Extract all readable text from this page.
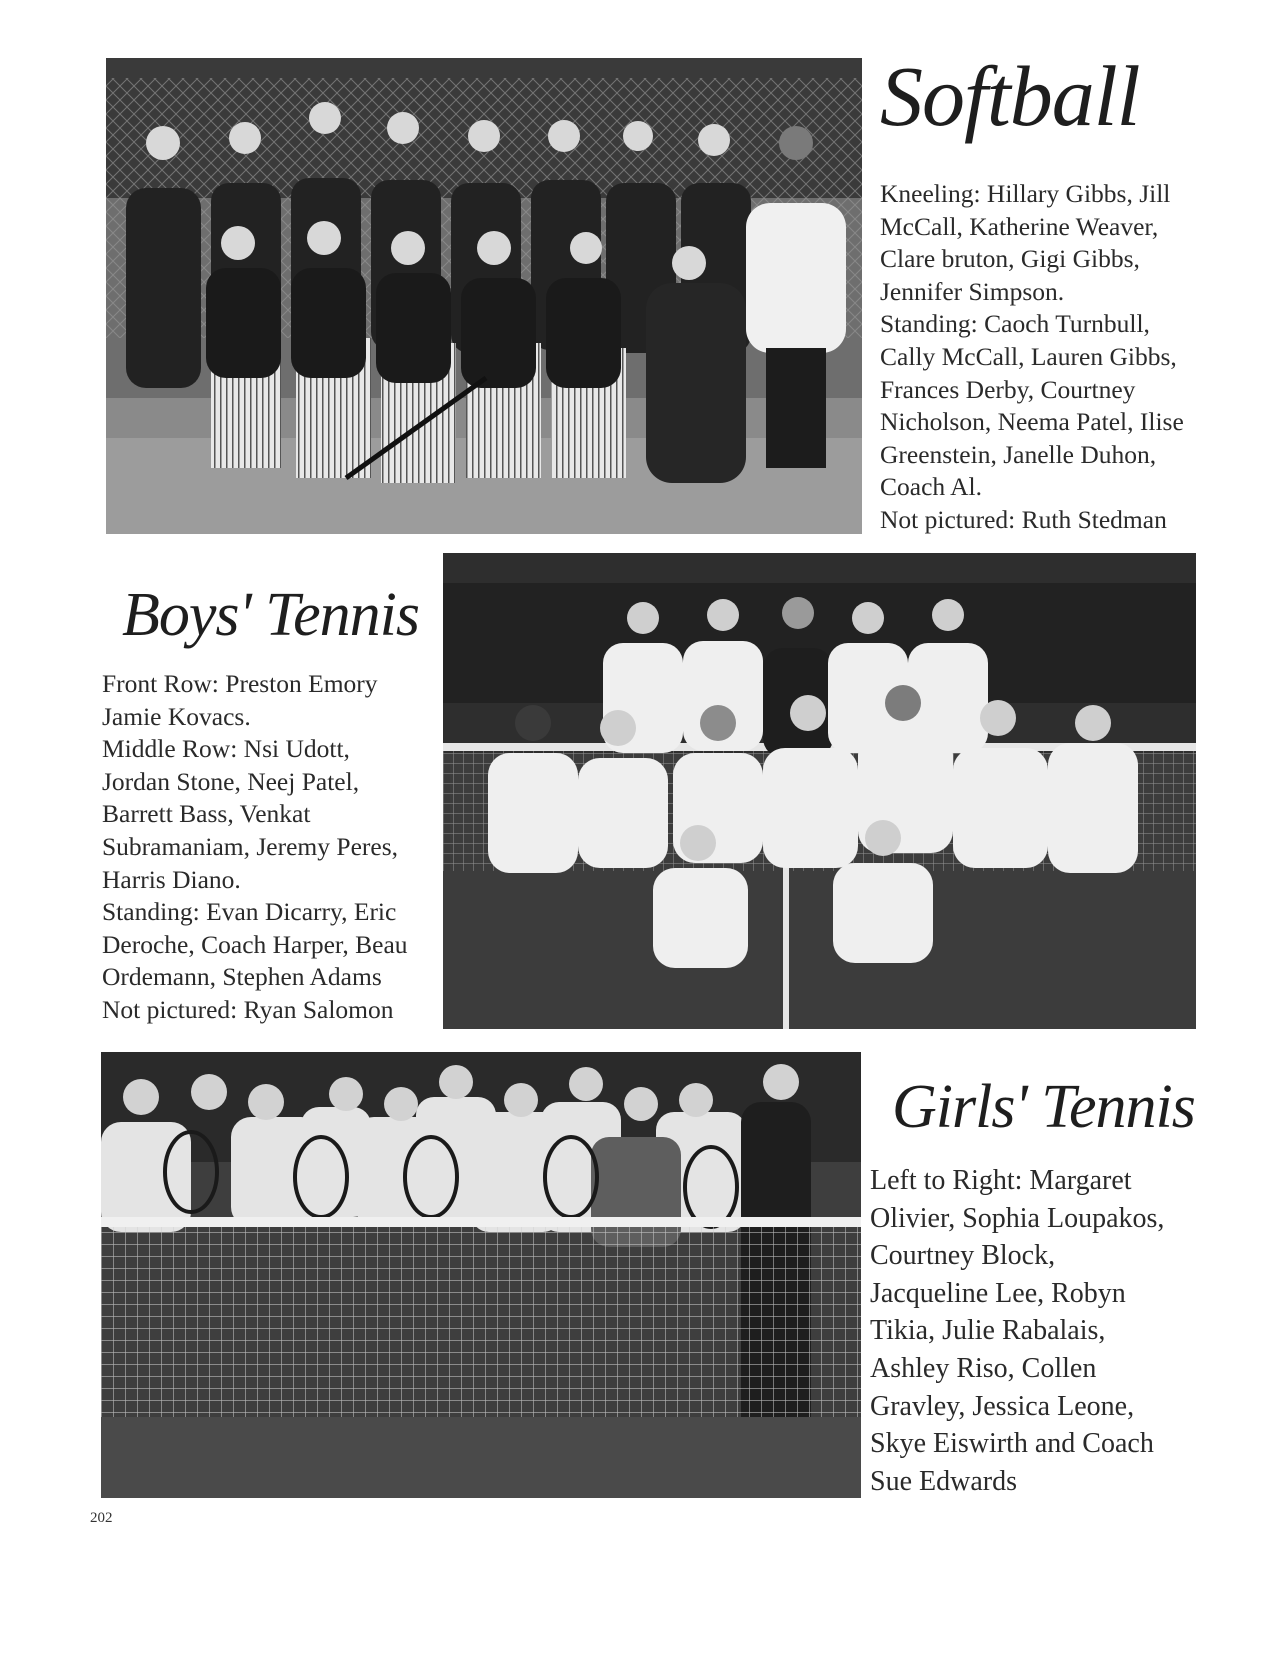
Softball
Kneeling: Hillary Gibbs, Jill
McCall, Katherine Weaver,
Clare bruton, Gigi Gibbs,
Jennifer Simpson.
Standing: Caoch Turnbull,
Cally McCall, Lauren Gibbs,
Frances Derby, Courtney
Nicholson, Neema Patel, Ilise
Greenstein, Janelle Duhon,
Coach Al.
Not pictured: Ruth Stedman
Boys' Tennis
Front Row: Preston Emory
Jamie Kovacs.
Middle Row: Nsi Udott,
Jordan Stone, Neej Patel,
Barrett Bass, Venkat
Subramaniam, Jeremy Peres,
Harris Diano.
Standing: Evan Dicarry, Eric
Deroche, Coach Harper, Beau
Ordemann, Stephen Adams
Not pictured: Ryan Salomon
Girls' Tennis
Left to Right: Margaret
Olivier, Sophia Loupakos,
Courtney Block,
Jacqueline Lee, Robyn
Tikia, Julie Rabalais,
Ashley Riso, Collen
Gravley, Jessica Leone,
Skye Eiswirth and Coach
Sue Edwards
202
